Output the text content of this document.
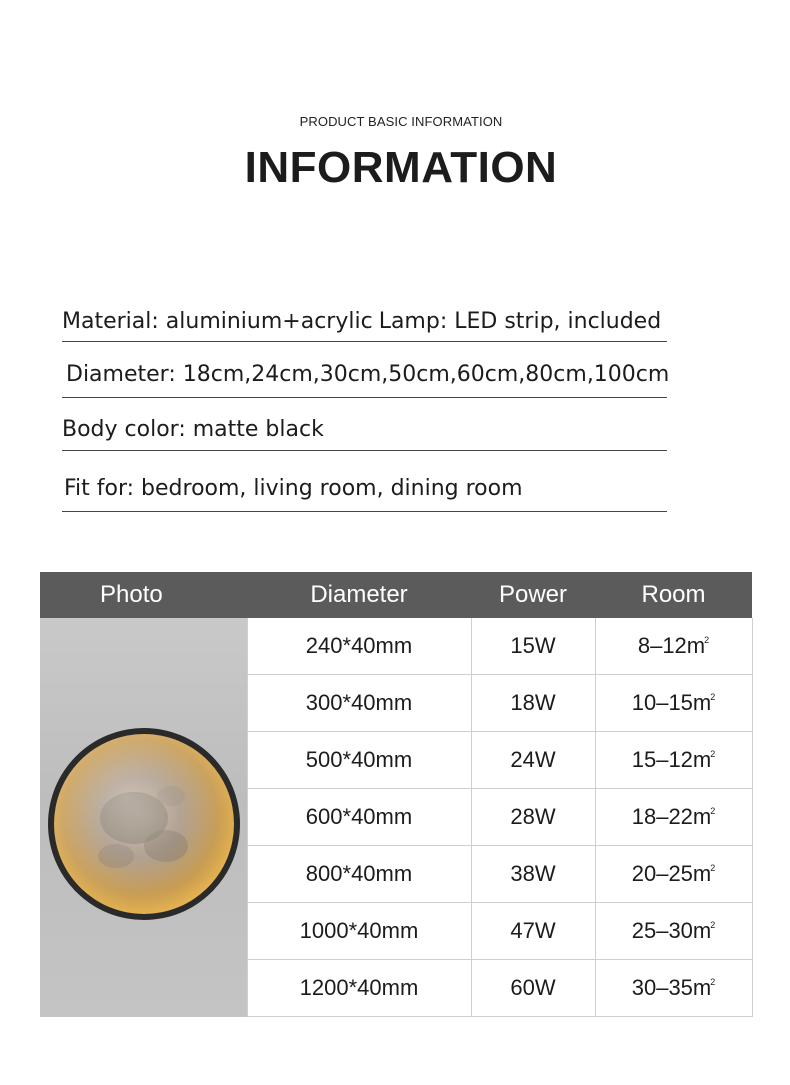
PRODUCT BASIC INFORMATION
INFORMATION
Material: aluminium+acrylic Lamp: LED strip, included
Diameter: 18cm,24cm,30cm,50cm,60cm,80cm,100cm
Body color: matte black
Fit for: bedroom, living room, dining room
Photo	Diameter	Power	Room

	240*40mm	15W	$8-12m^2$
	300*40mm	18W	$10-15m^2$
	500*40mm	24W	$15-12m^2$
	600*40mm	28W	$18-22m^2$
	800*40mm	38W	$20-25m^2$
	1000*40mm	47W	$25-30m^2$
	1200*40mm	60W	$30-35m^2$
